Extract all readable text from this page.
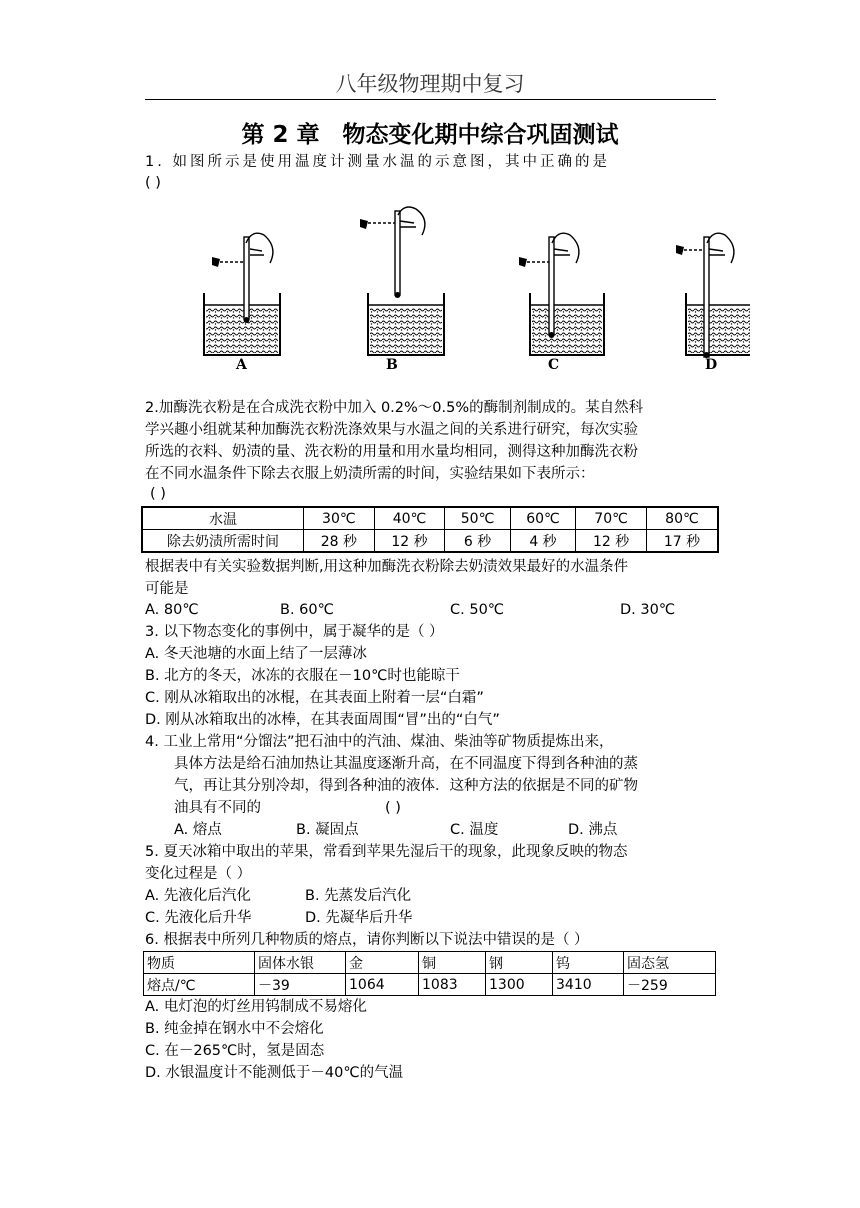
八年级物理期中复习
第 2 章　物态变化期中综合巩固测试
1. 如图所示是使用温度计测量水温的示意图，其中正确的是
( )
A	B	C	D
2.加酶洗衣粉是在合成洗衣粉中加入 0.2%～0.5%的酶制剂制成的。某自然科
学兴趣小组就某种加酶洗衣粉洗涤效果与水温之间的关系进行研究，每次实验
所选的衣料、奶渍的量、洗衣粉的用量和用水量均相同，测得这种加酶洗衣粉
在不同水温条件下除去衣服上奶渍所需的时间，实验结果如下表所示：
( )
水温	30℃	40℃	50℃	60℃	70℃	80℃
除去奶渍所需时间	28 秒	12 秒	6 秒	4 秒	12 秒	17 秒
根据表中有关实验数据判断,用这种加酶洗衣粉除去奶渍效果最好的水温条件
可能是
A. 80℃	B. 60℃	C. 50℃	D. 30℃
3. 以下物态变化的事例中，属于凝华的是（ ）
A. 冬天池塘的水面上结了一层薄冰
B. 北方的冬天，冰冻的衣服在－10℃时也能晾干
C. 刚从冰箱取出的冰棍，在其表面上附着一层“白霜”
D. 刚从冰箱取出的冰棒，在其表面周围“冒”出的“白气”
4. 工业上常用“分馏法”把石油中的汽油、煤油、柴油等矿物质提炼出来，
具体方法是给石油加热让其温度逐渐升高，在不同温度下得到各种油的蒸
气，再让其分别冷却，得到各种油的液体．这种方法的依据是不同的矿物
油具有不同的	( )
A. 熔点	B. 凝固点	C. 温度	D. 沸点
5. 夏天冰箱中取出的苹果，常看到苹果先湿后干的现象，此现象反映的物态
变化过程是（ ）
A. 先液化后汽化	B. 先蒸发后汽化
C. 先液化后升华	D. 先凝华后升华
6. 根据表中所列几种物质的熔点，请你判断以下说法中错误的是（ ）
物质	固体水银	金	铜	钢	钨	固态氢
熔点/℃	－39	1064	1083	1300	3410	－259
A. 电灯泡的灯丝用钨制成不易熔化
B. 纯金掉在钢水中不会熔化
C. 在－265℃时，氢是固态
D. 水银温度计不能测低于－40℃的气温
